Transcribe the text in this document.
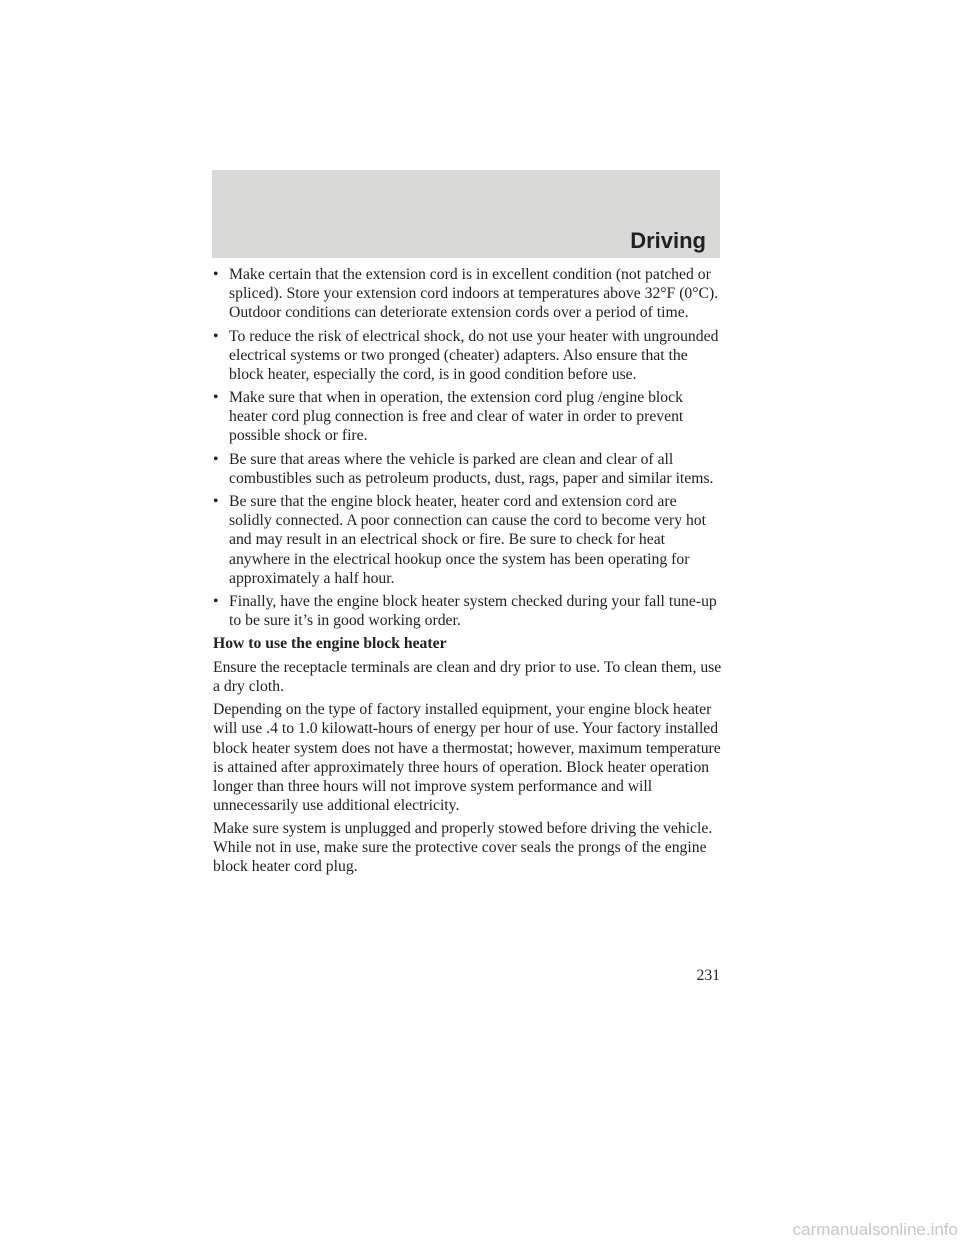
Driving
• Make certain that the extension cord is in excellent condition (not patched or spliced). Store your extension cord indoors at temperatures above 32°F (0°C). Outdoor conditions can deteriorate extension cords over a period of time.
• To reduce the risk of electrical shock, do not use your heater with ungrounded electrical systems or two pronged (cheater) adapters. Also ensure that the block heater, especially the cord, is in good condition before use.
• Make sure that when in operation, the extension cord plug /engine block heater cord plug connection is free and clear of water in order to prevent possible shock or fire.
• Be sure that areas where the vehicle is parked are clean and clear of all combustibles such as petroleum products, dust, rags, paper and similar items.
• Be sure that the engine block heater, heater cord and extension cord are solidly connected. A poor connection can cause the cord to become very hot and may result in an electrical shock or fire. Be sure to check for heat anywhere in the electrical hookup once the system has been operating for approximately a half hour.
• Finally, have the engine block heater system checked during your fall tune-up to be sure it’s in good working order.

How to use the engine block heater

Ensure the receptacle terminals are clean and dry prior to use. To clean them, use a dry cloth.

Depending on the type of factory installed equipment, your engine block heater will use .4 to 1.0 kilowatt-hours of energy per hour of use. Your factory installed block heater system does not have a thermostat; however, maximum temperature is attained after approximately three hours of operation. Block heater operation longer than three hours will not improve system performance and will unnecessarily use additional electricity.

Make sure system is unplugged and properly stowed before driving the vehicle. While not in use, make sure the protective cover seals the prongs of the engine block heater cord plug.

231
carmanualsonline.info
